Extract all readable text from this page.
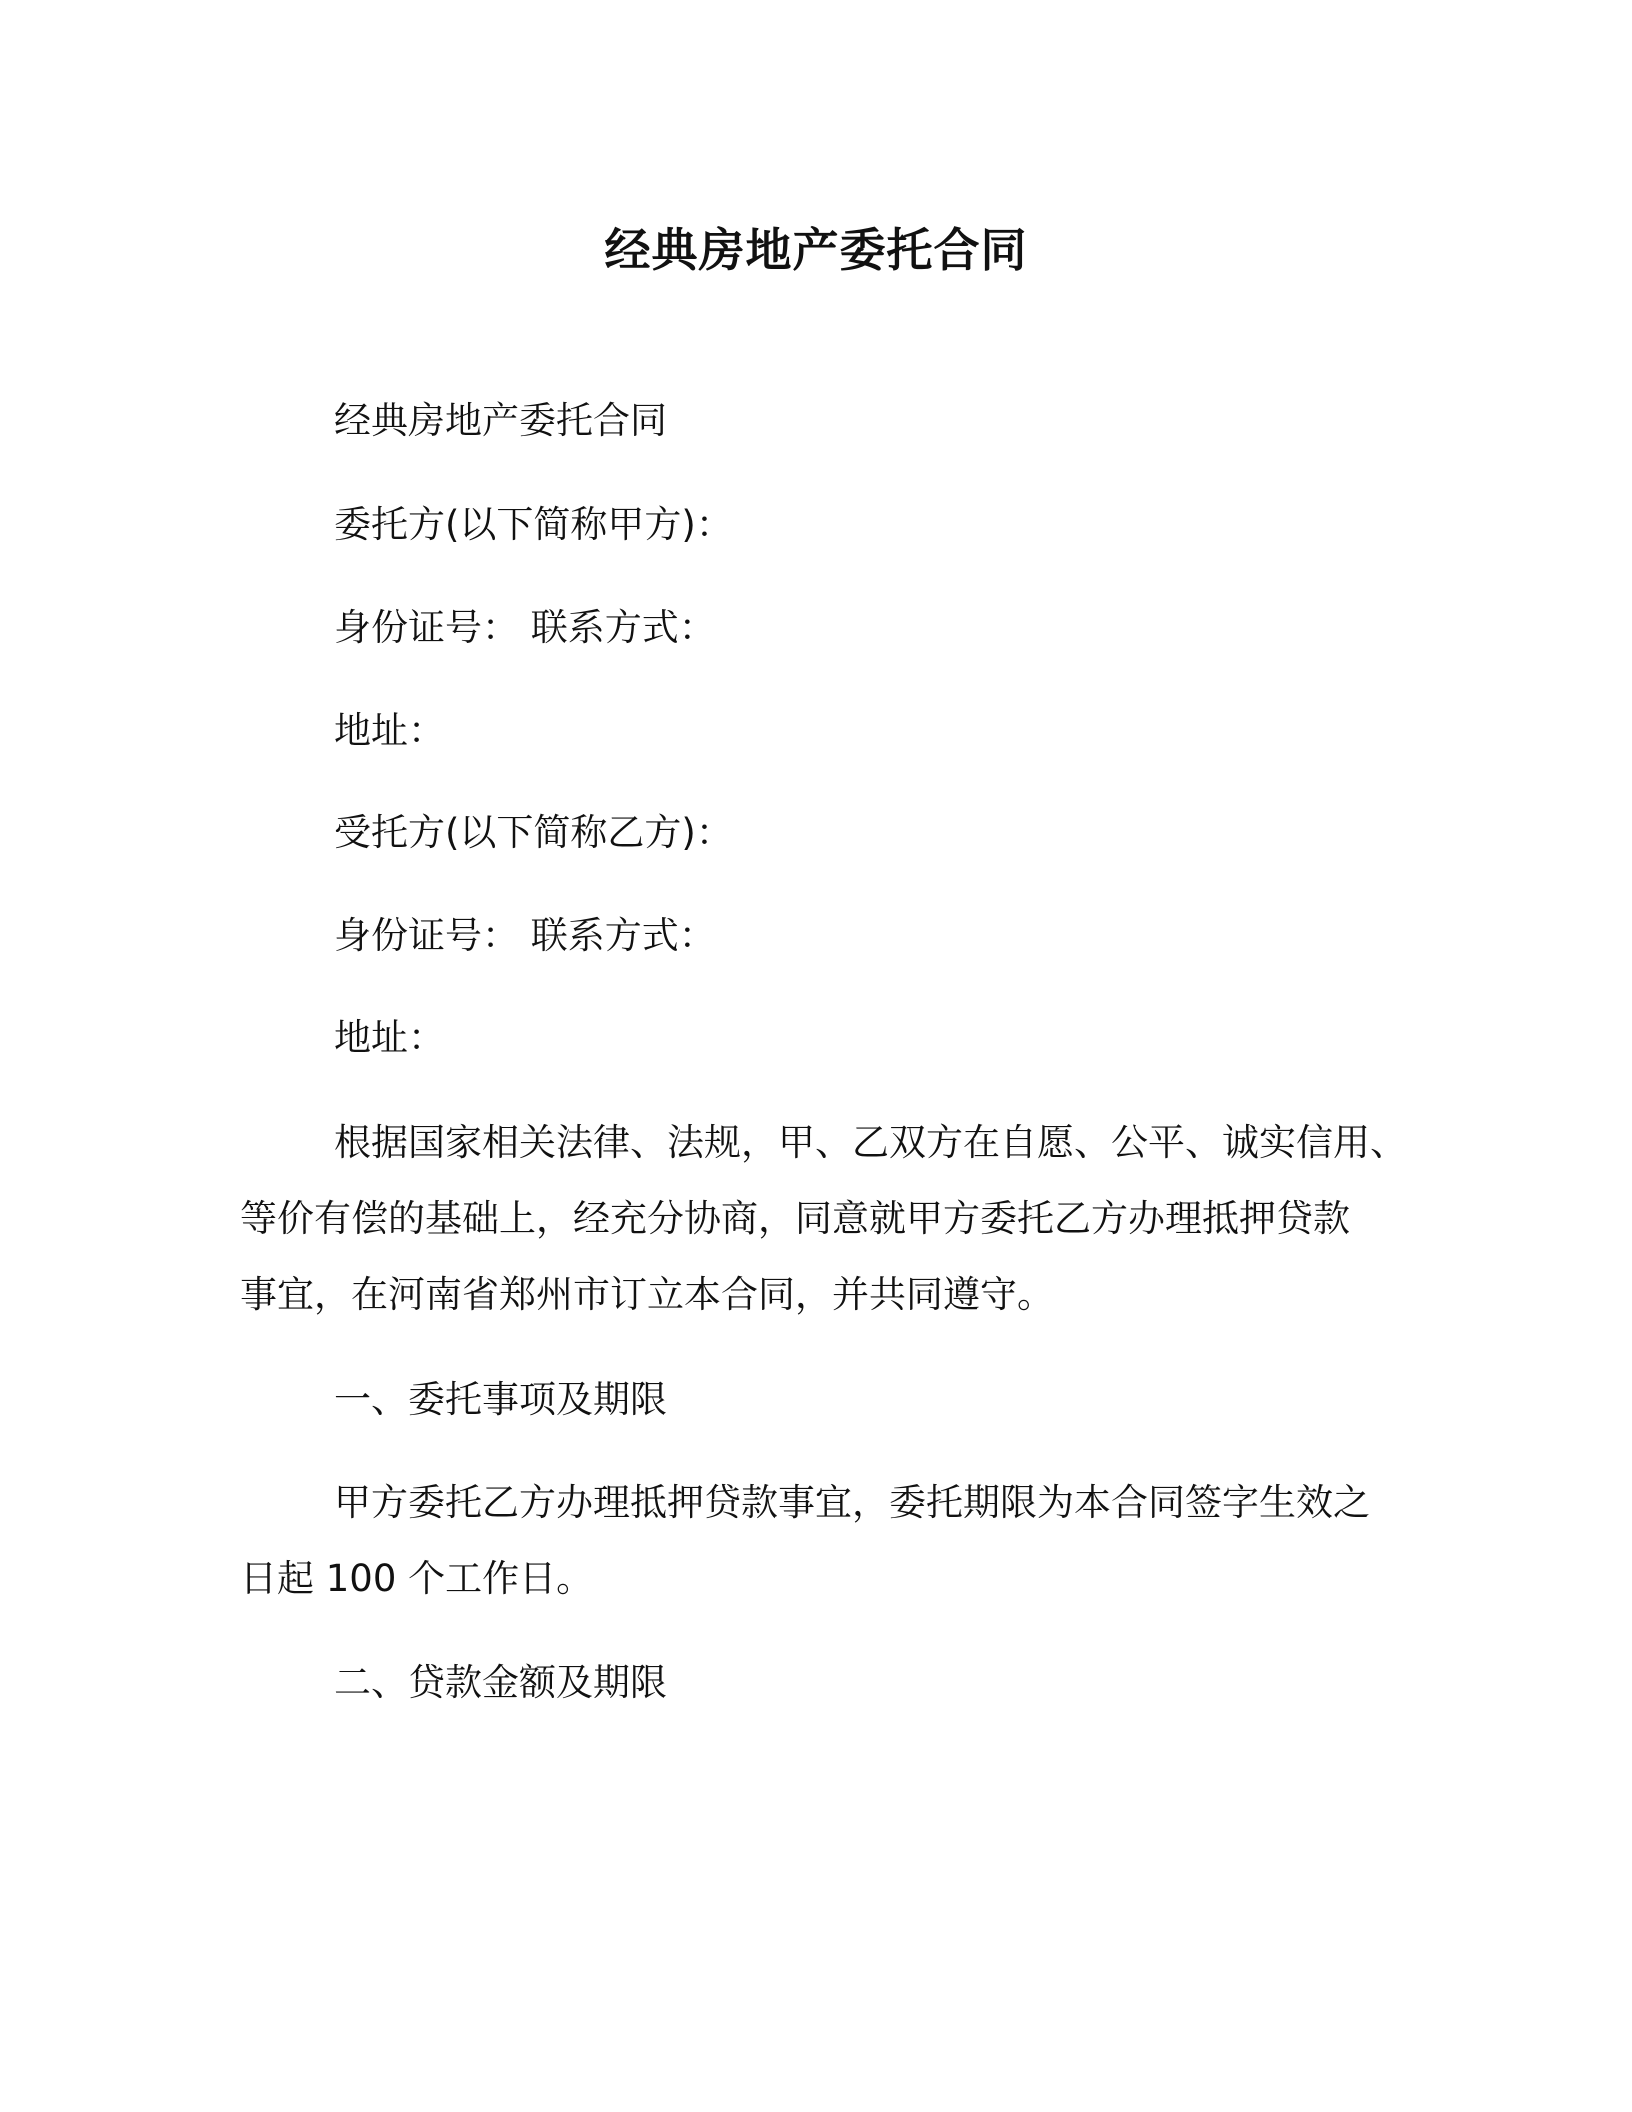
经典房地产委托合同
经典房地产委托合同
委托方(以下简称甲方)：
身份证号： 联系方式：
地址：
受托方(以下简称乙方)：
身份证号： 联系方式：
地址：
根据国家相关法律、法规，甲、乙双方在自愿、公平、诚实信用、
等价有偿的基础上，经充分协商，同意就甲方委托乙方办理抵押贷款
事宜，在河南省郑州市订立本合同，并共同遵守。
一、委托事项及期限
甲方委托乙方办理抵押贷款事宜，委托期限为本合同签字生效之
日起 100 个工作日。
二、贷款金额及期限
